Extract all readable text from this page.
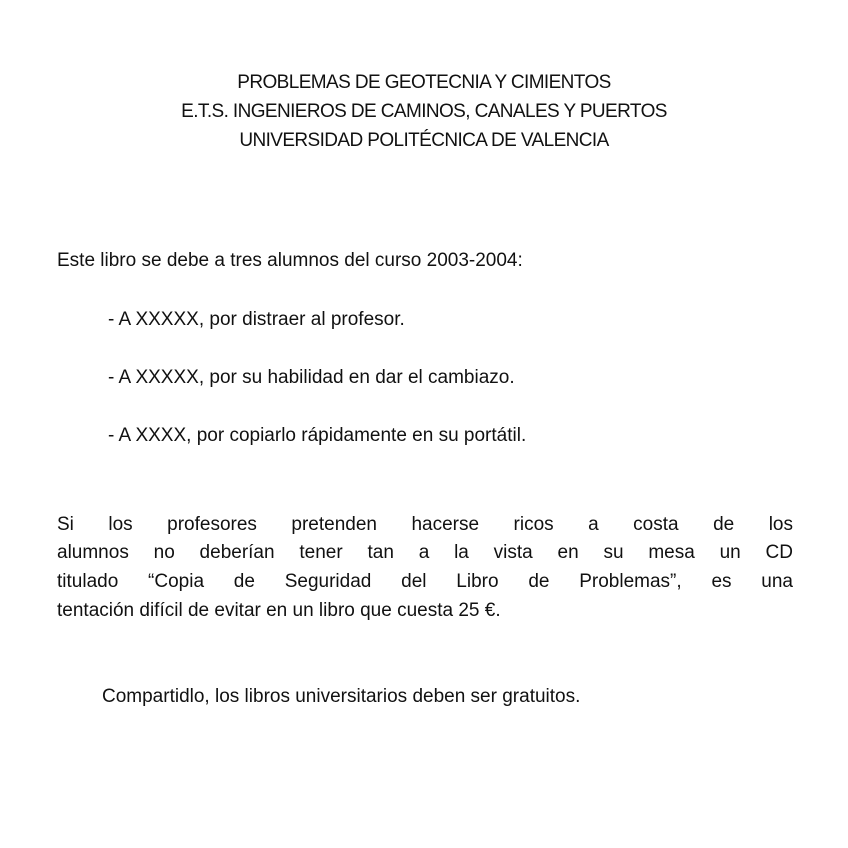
PROBLEMAS DE GEOTECNIA Y CIMIENTOS
E.T.S. INGENIEROS DE CAMINOS, CANALES Y PUERTOS
UNIVERSIDAD POLITÉCNICA DE VALENCIA
Este libro se debe a tres alumnos del curso 2003-2004:
- A XXXXX, por distraer al profesor.
- A XXXXX, por su habilidad en dar el cambiazo.
- A XXXX, por copiarlo rápidamente en su portátil.
Si los profesores pretenden hacerse ricos a costa de los
alumnos no deberían tener tan a la vista en su mesa un CD
titulado “Copia de Seguridad del Libro de Problemas”, es una
tentación difícil de evitar en un libro que cuesta 25 €.
Compartidlo, los libros universitarios deben ser gratuitos.
